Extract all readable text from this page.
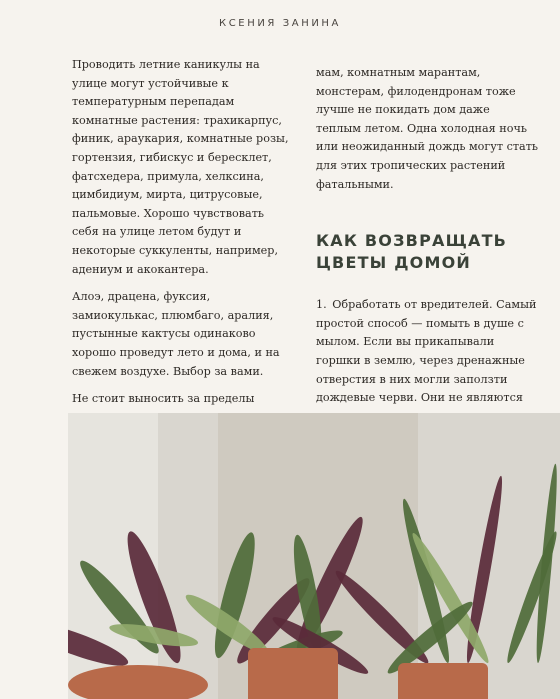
КСЕНИЯ ЗАНИНА

Проводить летние каникулы на улице могут устойчивые к температурным перепадам комнатные растения: трахикарпус, финик, араукария, комнатные розы, гортензия, гибискус и бересклет, фатсхедера, примула, хелксина, цимбидиум, мирта, цитрусовые, пальмовые. Хорошо чувствовать себя на улице летом будут и некоторые суккуленты, например, адениум и акокантера.

Алоэ, драцена, фуксия, замиокулькас, плюмбаго, аралия, пустынные кактусы одинаково хорошо проведут лето и дома, и на свежем воздухе. Выбор за вами.

Не стоит выносить за пределы

мам, комнатным марантам, монстерам, филодендронам тоже лучше не покидать дом даже теплым летом. Одна холодная ночь или неожиданный дождь могут стать для этих тропических растений фатальными.

КАК ВОЗВРАЩАТЬ
ЦВЕТЫ ДОМОЙ

1. Обработать от вредителей. Самый простой способ — помыть в душе с мылом. Если вы прикапывали горшки в землю, через дренажные отверстия в них могли заползти дождевые черви. Они не являются
